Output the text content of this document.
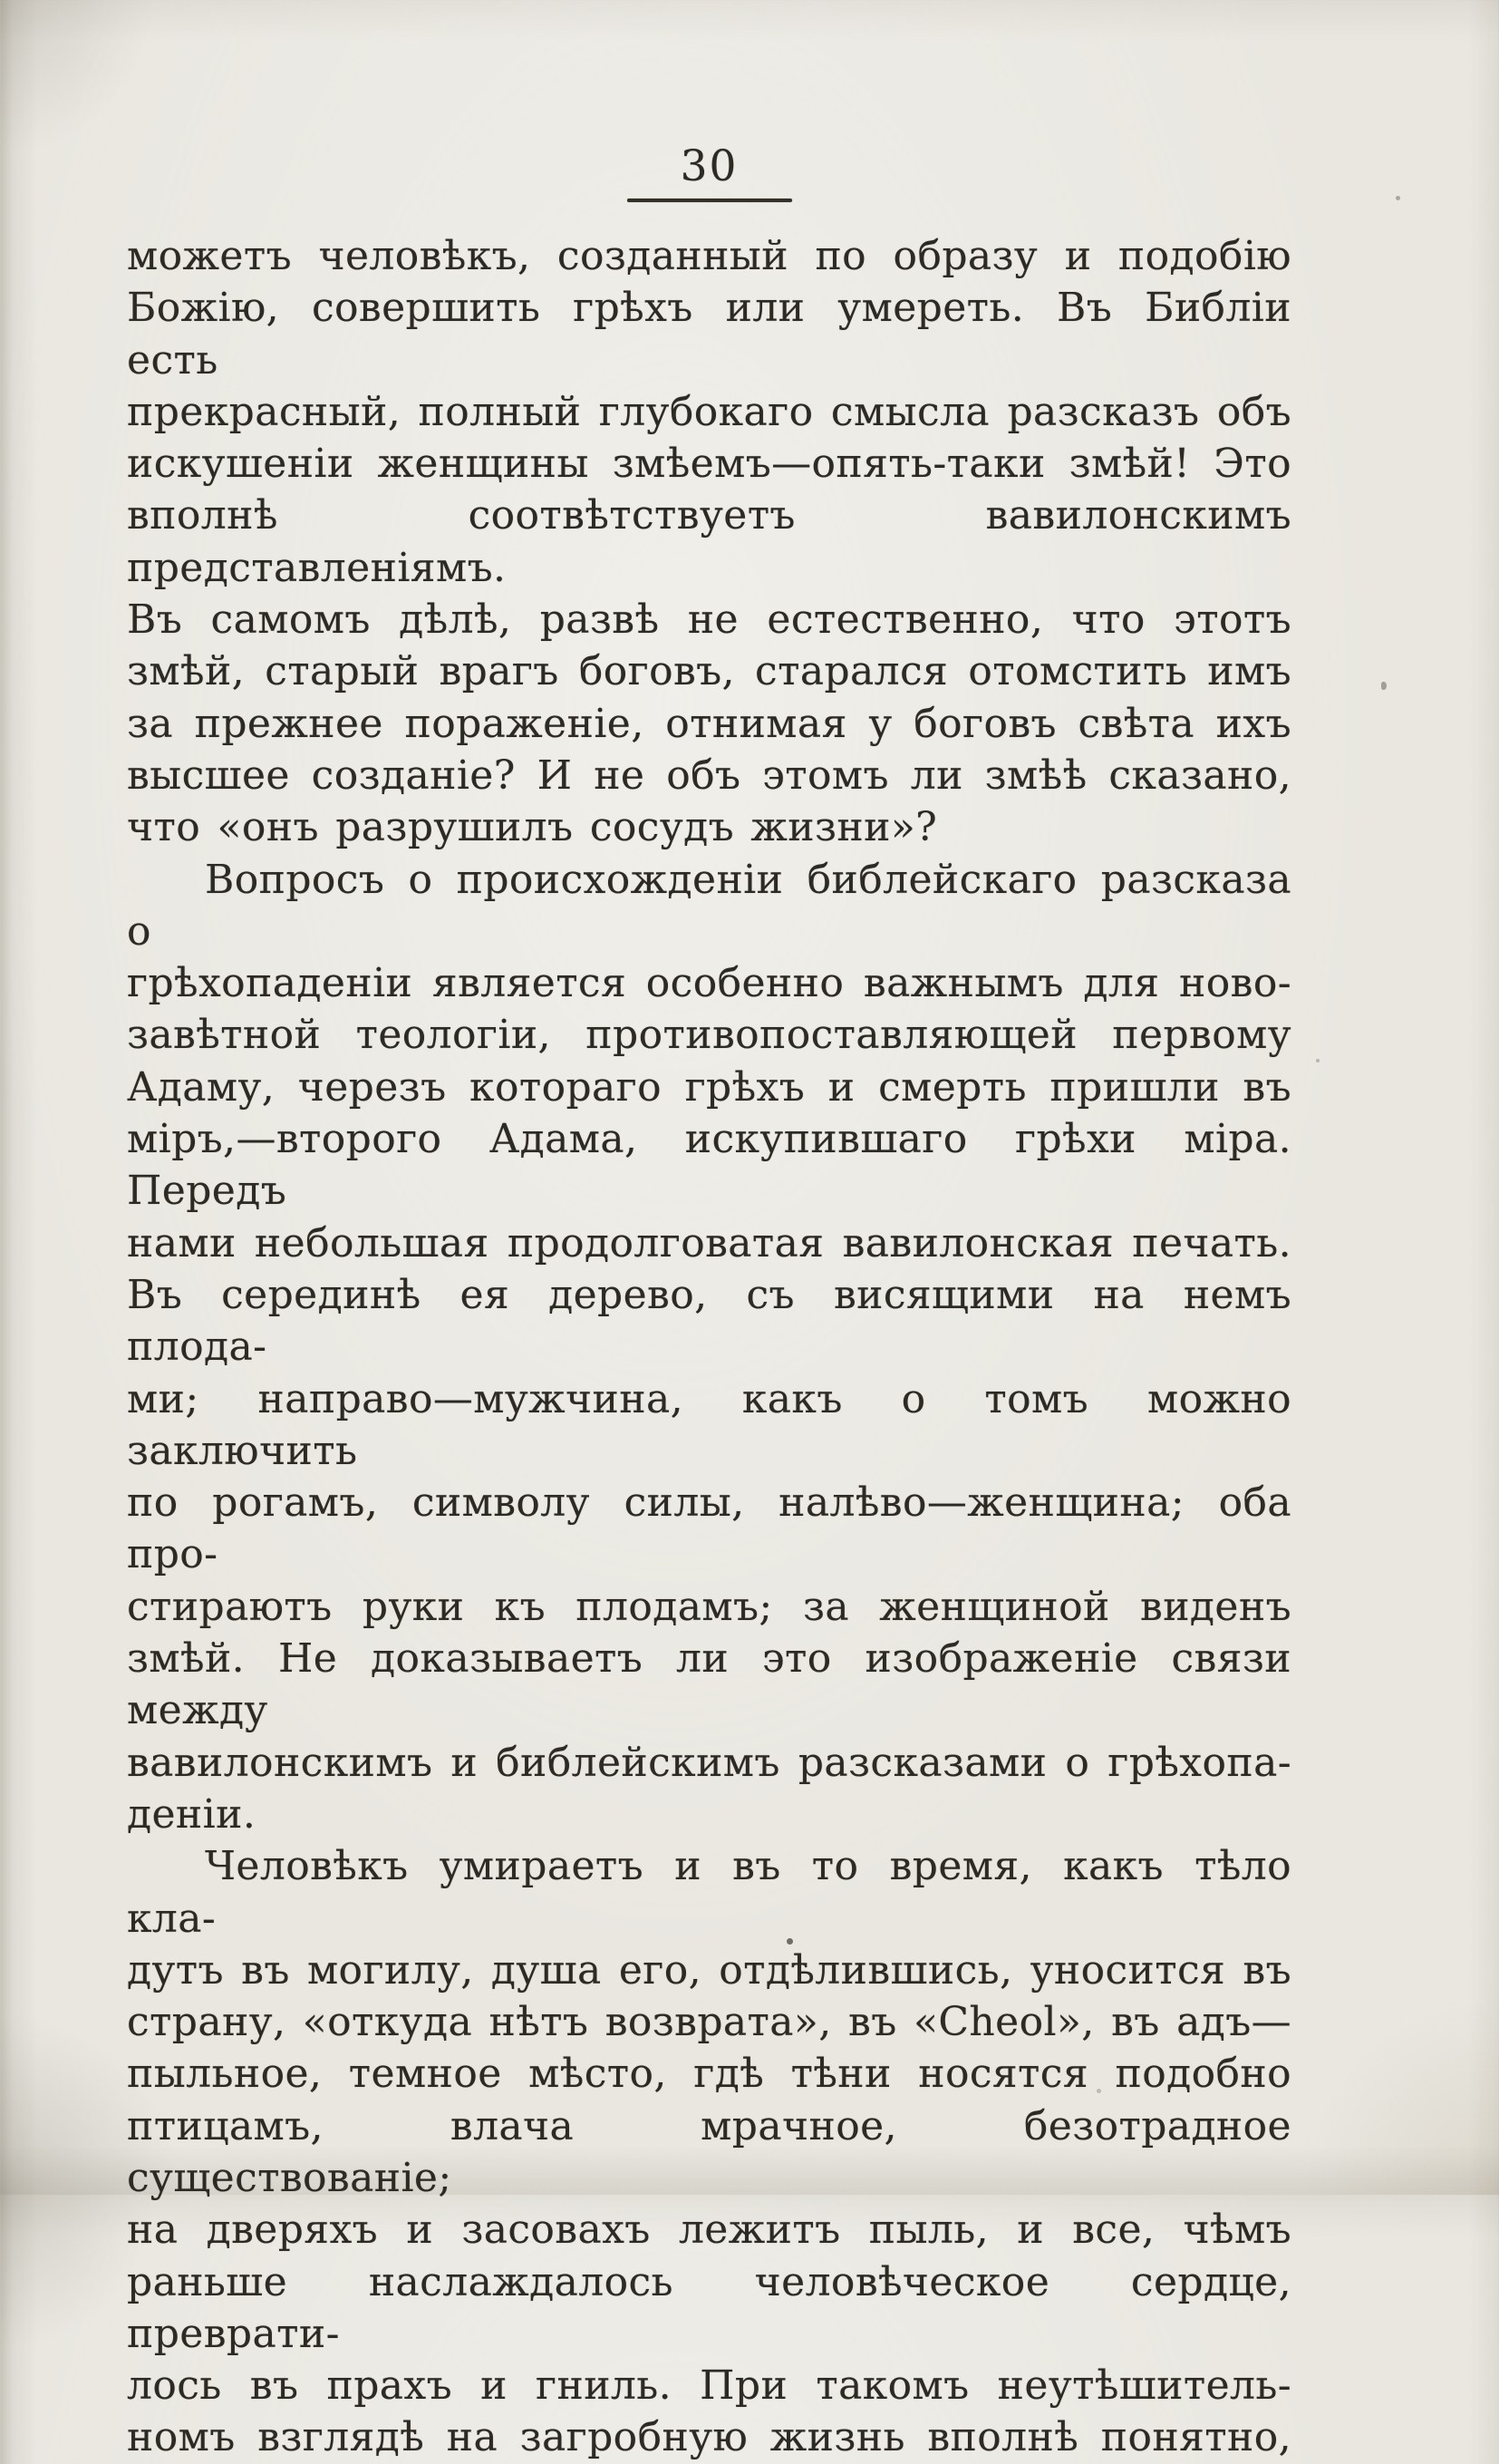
30
можетъ человѣкъ, созданный по образу и подобію
Божію, совершить грѣхъ или умереть. Въ Библіи есть
прекрасный, полный глубокаго смысла разсказъ объ
искушеніи женщины змѣемъ—опять-таки змѣй! Это
вполнѣ соотвѣтствуетъ вавилонскимъ представленіямъ.
Въ самомъ дѣлѣ, развѣ не естественно, что этотъ
змѣй, старый врагъ боговъ, старался отомстить имъ
за прежнее пораженіе, отнимая у боговъ свѣта ихъ
высшее созданіе? И не объ этомъ ли змѣѣ сказано,
что «онъ разрушилъ сосудъ жизни»?
Вопросъ о происхожденіи библейскаго разсказа о
грѣхопаденіи является особенно важнымъ для ново-
завѣтной теологіи, противопоставляющей первому
Адаму, черезъ котораго грѣхъ и смерть пришли въ
міръ,—второго Адама, искупившаго грѣхи міра. Передъ
нами небольшая продолговатая вавилонская печать.
Въ серединѣ ея дерево, съ висящими на немъ плода-
ми; направо—мужчина, какъ о томъ можно заключить
по рогамъ, символу силы, налѣво—женщина; оба про-
стираютъ руки къ плодамъ; за женщиной виденъ
змѣй. Не доказываетъ ли это изображеніе связи между
вавилонскимъ и библейскимъ разсказами о грѣхопа-
деніи.
Человѣкъ умираетъ и въ то время, какъ тѣло кла-
дутъ въ могилу, душа его, отдѣлившись, уносится въ
страну, «откуда нѣтъ возврата», въ «Cheol», въ адъ—
пыльное, темное мѣсто, гдѣ тѣни носятся подобно
птицамъ, влача мрачное, безотрадное существованіе;
на дверяхъ и засовахъ лежитъ пыль, и все, чѣмъ
раньше наслаждалось человѣческое сердце, преврати-
лось въ прахъ и гниль. При такомъ неутѣшитель-
номъ взглядѣ на загробную жизнь вполнѣ понятно,
